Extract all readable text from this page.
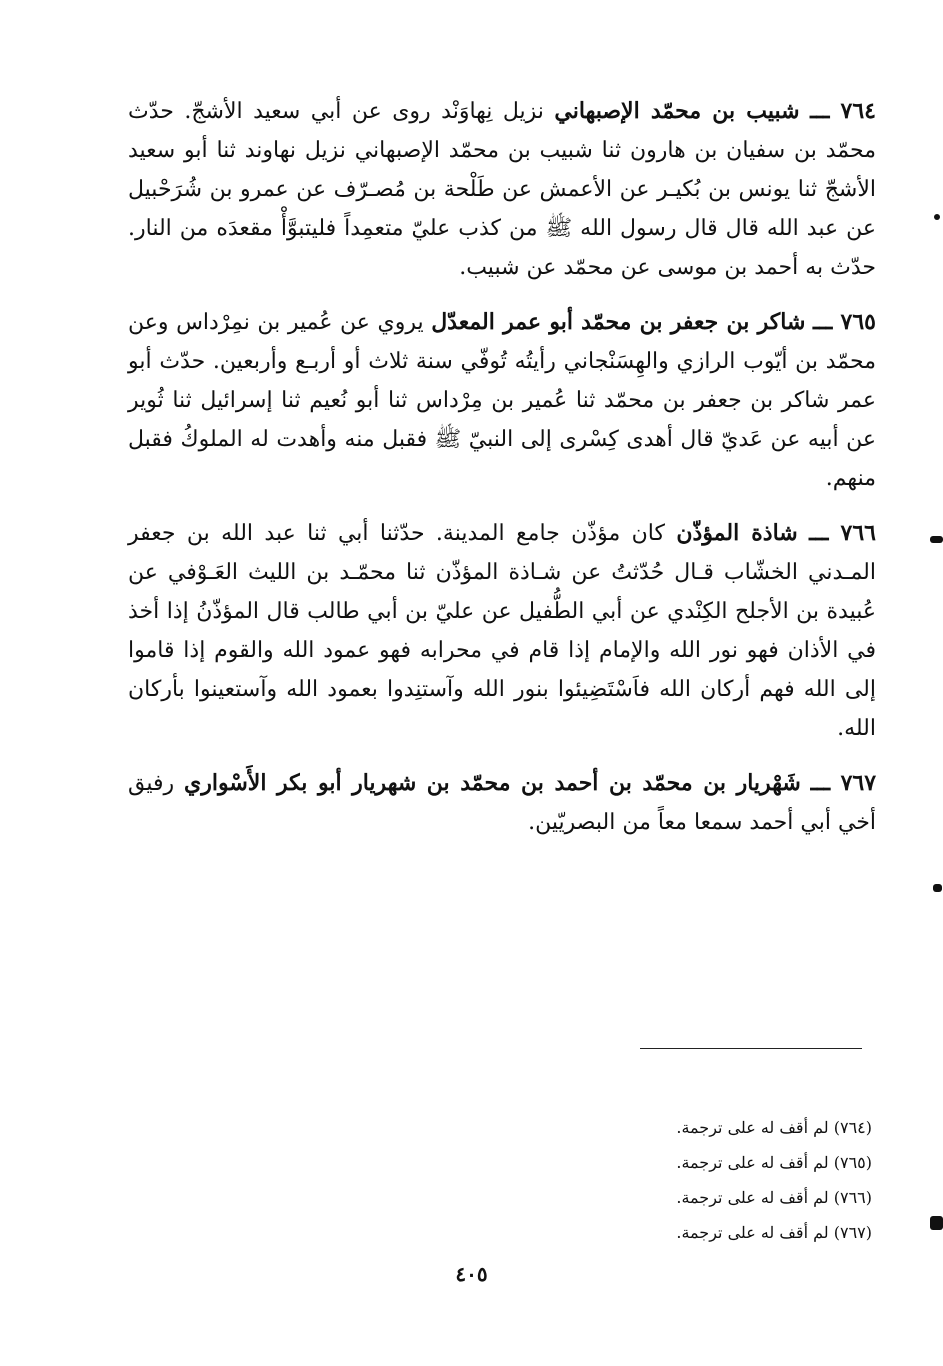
٧٦٤ ـــ شبيب بن محمّد الإصبهاني نزيل نِهاوَنْد روى عن أبي سعيد الأشجّ. حدّث محمّد بن سفيان بن هارون ثنا شبيب بن محمّد الإصبهاني نزيل نهاوند ثنا أبو سعيد الأشجّ ثنا يونس بن بُكيـر عن الأعمش عن طَلْحة بن مُصـرّف عن عمرو بن شُرَحْبيل عن عبد الله قال قال رسول الله ﷺ من كذب عليّ متعمِداً فليتبوَّأْ مقعدَه من النار. حدّث به أحمد بن موسى عن محمّد عن شبيب.

٧٦٥ ـــ شاكر بن جعفر بن محمّد أبو عمر المعدّل يروي عن عُمير بن نمِرْداس وعن محمّد بن أيّوب الرازي والهِسَنْجاني رأيتُه تُوفّي سنة ثلاث أو أربـع وأربعين. حدّث أبو عمر شاكر بن جعفر بن محمّد ثنا عُمير بن مِرْداس ثنا أبو نُعيم ثنا إسرائيل ثنا ثُوير عن أبيه عن عَديّ قال أهدى كِسْرى إلى النبيّ ﷺ فقبل منه وأهدت له الملوكُ فقبل منهم.

٧٦٦ ـــ شاذة المؤذّن كان مؤذّن جامع المدينة. حدّثنا أبي ثنا عبد الله بن جعفر المـدني الخشّاب قـال حُدّثتُ عن شـاذة المؤذّن ثنا محمّـد بن الليث العَـوْفي عن عُبيدة بن الأجلح الكِنْدي عن أبي الطُّفيل عن عليّ بن أبي طالب قال المؤذّنُ إذا أخذ في الأذان فهو نور الله والإمام إذا قام في محرابه فهو عمود الله والقوم إذا قاموا إلى الله فهم أركان الله فاَسْتَضِيئوا بنور الله وآستنِدوا بعمود الله وآستعينوا بأركان الله.

٧٦٧ ـــ شَهْريار بن محمّد بن أحمد بن محمّد بن شهريار أبو بكر الأَسْواري رفيق أخي أبي أحمد سمعا معاً من البصريّين.

(٧٦٤) لم أقف له على ترجمة.
(٧٦٥) لم أقف له على ترجمة.
(٧٦٦) لم أقف له على ترجمة.
(٧٦٧) لم أقف له على ترجمة.
٤٠٥
